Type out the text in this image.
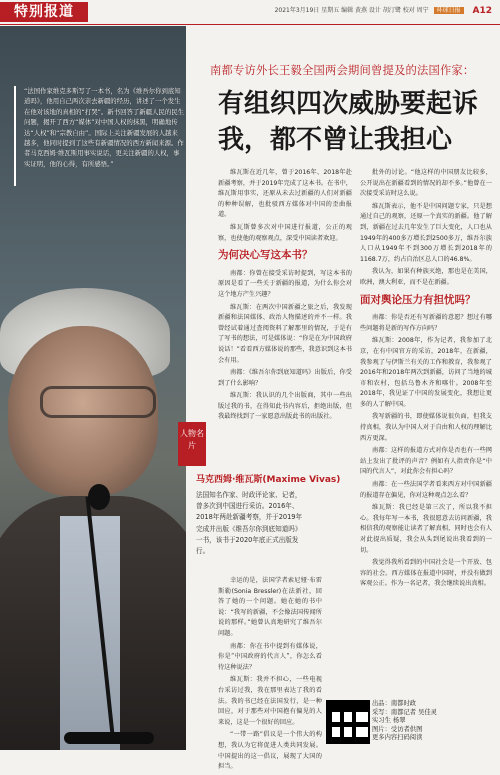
特别报道	2021年3月19日 星期五 编辑 黄燕 设计 胡汀鹭 校对 周宁 环球日报 A12
“法国作家维克多斯写了一本书，名为《维吾尔你到底知道吗》，他用自己两次亲去新疆的经历，讲述了一个发生在他对该地的真相的“打哭”。新书回答了新疆人民的民生问题，揭开了西方“媒体”对中国人权的抹黑，明确地传达“人权”和“宗教自由”。国际上关注新疆发展的人越来越多，他同时提到了这些有新疆情况的西方新闻来源。作者马克西姆·维瓦斯用事实说话，更关注新疆的人权，事实证明，他的心得，有所感悟。”
南都专访外长王毅全国两会期间曾提及的法国作家：
有组织四次威胁要起诉我，都不曾让我担心

维瓦斯在近几年，曾于2016年、2018年赴新疆考察，并于2019年完成了这本书。在书中，维瓦斯用事实，还原从未去过新疆的人们对新疆的种种误解，也批驳西方媒体对中国的歪曲报道。

维瓦斯曾多次对中国进行报道，公正的观察，也使他的观察观点，深受中国读者欢迎。

为何决心写这本书？

南都：你曾在接受采访时提到，写这本书的原因是看了一些关于新疆的报道，为什么你会对这个地方产生兴趣？

维瓦斯：在两次中国新疆之旅之后，我发现新疆和法国媒体、政治人物描述的并不一样。我曾经试着通过查阅资料了解那里的情况，于是有了写书的想法，可是媒体说：“你是在为中国政府说话！”看看西方媒体说的那些，我意识到这本书会有用。

南都：《维吾尔你到底知道吗》出版后，你受到了什么影响？

维瓦斯：我认识的几个出版商，其中一些出版过我的书，在得知此书内容后，拒绝出版，但我最终找到了一家愿意出版此书的出版社。

人物名片
马克西姆·维瓦斯(Maxime Vivas)
法国知名作家、时政评论家、记者，曾多次到中国进行采访。2016年、2018年两赴新疆考察，并于2019年完成并出版《维吾尔你到底知道吗》一书，该书于2020年底正式出版发行。

幸运的是，法国学者索尼娅·布雷斯勒(Sonia Bressler)在法新社，回答了她的一个问题。她在她的书中说：“我写的新疆，不会像法国传闻所说的那样。”她曾认真地研究了维吾尔问题。

南都：你在书中提到有媒体说，你是“中国政府的代言人”，你怎么看待这种说法？

维瓦斯：我并不担心，一些电视台采访过我，我在那里表达了我的看法。我的书已经在法国发行，是一种回应，对于那些对中国抱有偏见的人来说，这是一个很好的回应。

“一带一路”倡议是一个伟大的构想，我认为它将促进人类共同发展。中国提出的这一倡议，展现了大国的担当。

批外的讨论。“他这样的中国朋友比较多，公开说出在新疆看到的情况的却不多。”他曾在一次接受采访时这么说。

维瓦斯表示，他不是中国问题专家，只是想通过自己的观察，还原一个真实的新疆。他了解到，新疆在过去几年发生了巨大变化，人口也从1949年的400多万增长到2500多万，维吾尔族人口从1949年不到300万增长到2018年的1168.7万，约占自治区总人口的46.8%。

我认为，如果有种族灭绝，那也是在美国，欧洲，澳大利亚，而不是在新疆。

面对舆论压力有担忧吗？

南都：你是否还有写新疆的意愿？想过有哪些问题将是新的写作方向吗？

维瓦斯：2008年，作为记者，我参加了北京，在有中国官方的采访，2018年，在新疆，我参观了与伊斯兰有关的工作和教育，我参观了2016年和2018年两次到新疆，访问了当地的城市和农村，包括乌鲁木齐和喀什。2008年至2018年，我见证了中国的发展变化，我想让更多的人了解中国。

我写新疆的书，即使媒体说很负面，但我支持真相，我认为中国人对于自由和人权的理解比西方更深。

南都：这样的报道方式对你是否也有一些网站上发出了批评的声音？例如有人指责你是“中国的代言人”，对此你会有担心吗？

南都：在一些法国学者看来西方对中国新疆的报道存在偏见，你对这种观点怎么看？

维瓦斯：我已经是第三次了，所以我不担心。我每年写一本书，我很愿意去访问新疆，我相信我的观察能让读者了解真相，同时也会有人对此提出质疑，我会从头到尾说出我看到的一切。

我觉得我所看到的中国社会是一个开放、包容的社会。西方媒体在报道中国时，并没有做到客观公正。作为一名记者，我会继续说出真相。

出品：南都时政
采写：南都记者 吴佳灵
实习生 杨翠
图片：受访者供图
更多内容扫码阅读
